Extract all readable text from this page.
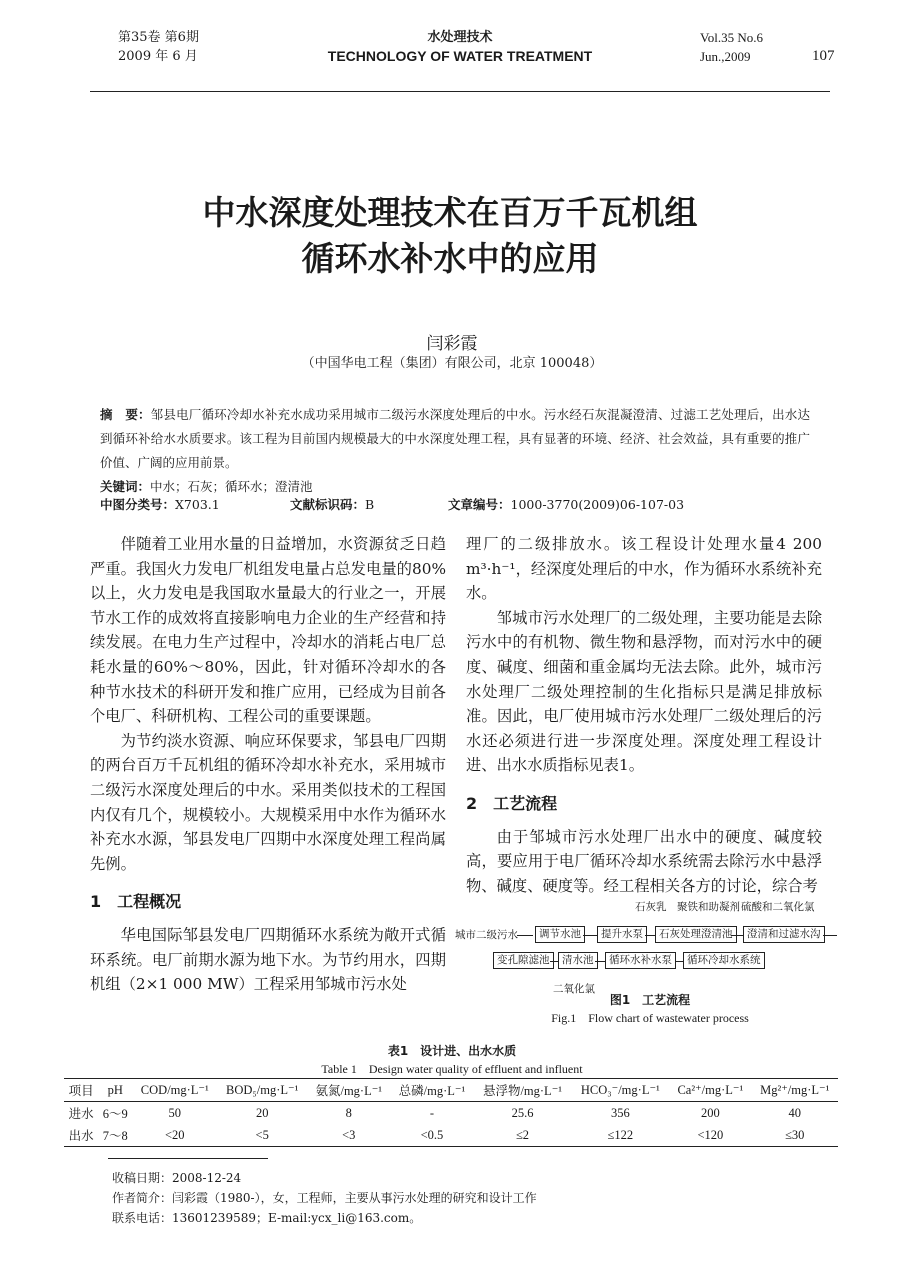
第35卷 第6期
2009 年 6 月
水处理技术
TECHNOLOGY OF WATER TREATMENT
Vol.35 No.6
Jun.,2009	107
中水深度处理技术在百万千瓦机组
循环水补水中的应用
闫彩霞
（中国华电工程（集团）有限公司，北京 100048）
摘　要：邹县电厂循环冷却水补充水成功采用城市二级污水深度处理后的中水。污水经石灰混凝澄清、过滤工艺处理后，出水达到循环补给水水质要求。该工程为目前国内规模最大的中水深度处理工程，具有显著的环境、经济、社会效益，具有重要的推广价值、广阔的应用前景。
关键词：中水；石灰；循环水；澄清池
中图分类号：X703.1	文献标识码：B	文章编号：1000-3770(2009)06-107-03

伴随着工业用水量的日益增加，水资源贫乏日趋严重。我国火力发电厂机组发电量占总发电量的80%以上，火力发电是我国取水量最大的行业之一，开展节水工作的成效将直接影响电力企业的生产经营和持续发展。在电力生产过程中，冷却水的消耗占电厂总耗水量的60%～80%，因此，针对循环冷却水的各种节水技术的科研开发和推广应用，已经成为目前各个电厂、科研机构、工程公司的重要课题。

为节约淡水资源、响应环保要求，邹县电厂四期的两台百万千瓦机组的循环冷却水补充水，采用城市二级污水深度处理后的中水。采用类似技术的工程国内仅有几个，规模较小。大规模采用中水作为循环水补充水水源，邹县发电厂四期中水深度处理工程尚属先例。

1　工程概况

华电国际邹县发电厂四期循环水系统为敞开式循环系统。电厂前期水源为地下水。为节约用水，四期机组（2×1 000 MW）工程采用邹城市污水处

理厂的二级排放水。该工程设计处理水量4 200 m³·h⁻¹，经深度处理后的中水，作为循环水系统补充水。

邹城市污水处理厂的二级处理，主要功能是去除污水中的有机物、微生物和悬浮物，而对污水中的硬度、碱度、细菌和重金属均无法去除。此外，城市污水处理厂二级处理控制的生化指标只是满足排放标准。因此，电厂使用城市污水处理厂二级处理后的污水还必须进行进一步深度处理。深度处理工程设计进、出水水质指标见表1。

2　工艺流程

由于邹城市污水处理厂出水中的硬度、碱度较高，要应用于电厂循环冷却水系统需去除污水中悬浮物、碱度、硬度等。经工程相关各方的讨论，综合考

石灰乳 聚铁和助凝剂 硫酸和二氧化氯
城市二级污水	调节水池	提升水泵	石灰处理澄清池	澄清和过滤水沟
变孔隙滤池	清水池	循环水补水泵	循环冷却水系统
二氧化氯
图1　工艺流程
Fig.1　Flow chart of wastewater process
表1　设计进、出水水质
Table 1　Design water quality of effluent and influent
项目	pH	COD/mg·L⁻¹	BOD₅/mg·L⁻¹	氨氮/mg·L⁻¹	总磷/mg·L⁻¹	悬浮物/mg·L⁻¹	HCO₃⁻/mg·L⁻¹	Ca²⁺/mg·L⁻¹	Mg²⁺/mg·L⁻¹
进水	6～9	50	20	8	-	25.6	356	200	40
出水	7～8	<20	<5	<3	<0.5	≤2	≤122	<120	≤30
收稿日期：2008-12-24
作者简介：闫彩霞（1980-），女，工程师，主要从事污水处理的研究和设计工作
联系电话：13601239589；E-mail:ycx_li@163.com。
